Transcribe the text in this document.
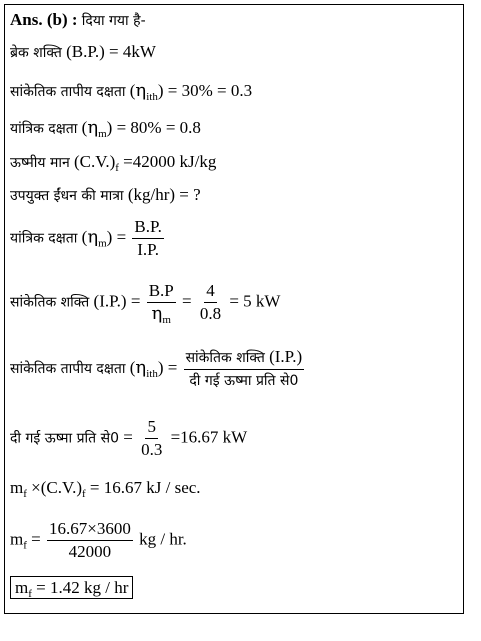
Ans. (b) : दिया गया है-
ब्रेक शक्ति (B.P.) = 4kW
सांकेतिक तापीय दक्षता $(\eta_{ith}) = 30\% = 0.3$
यांत्रिक दक्षता $(\eta_m) = 80\% = 0.8$
ऊष्मीय मान $(C.V.)_f =42000$ kJ/kg
उपयुक्त ईंधन की मात्रा (kg/hr) = ?
यांत्रिक दक्षता $(\eta_m) = \frac{B.P.}{I.P.}$
सांकेतिक शक्ति $(I.P.) = \frac{B.P}{\eta_m} = \frac{4}{0.8} = 5$ kW
सांकेतिक तापीय दक्षता $(\eta_{ith}) = \frac{\text{सांकेतिक शक्ति (I.P.)}}{\text{दी गई ऊष्मा प्रति से0}}$
दी गई ऊष्मा प्रति से0 = $\frac{5}{0.3} =16.67$ kW
$m_f \times(C.V.)_f = 16.67$ kJ / sec.
$m_f = \frac{16.67\times 3600}{42000}$ kg / hr.
$m_f = 1.42$ kg / hr
